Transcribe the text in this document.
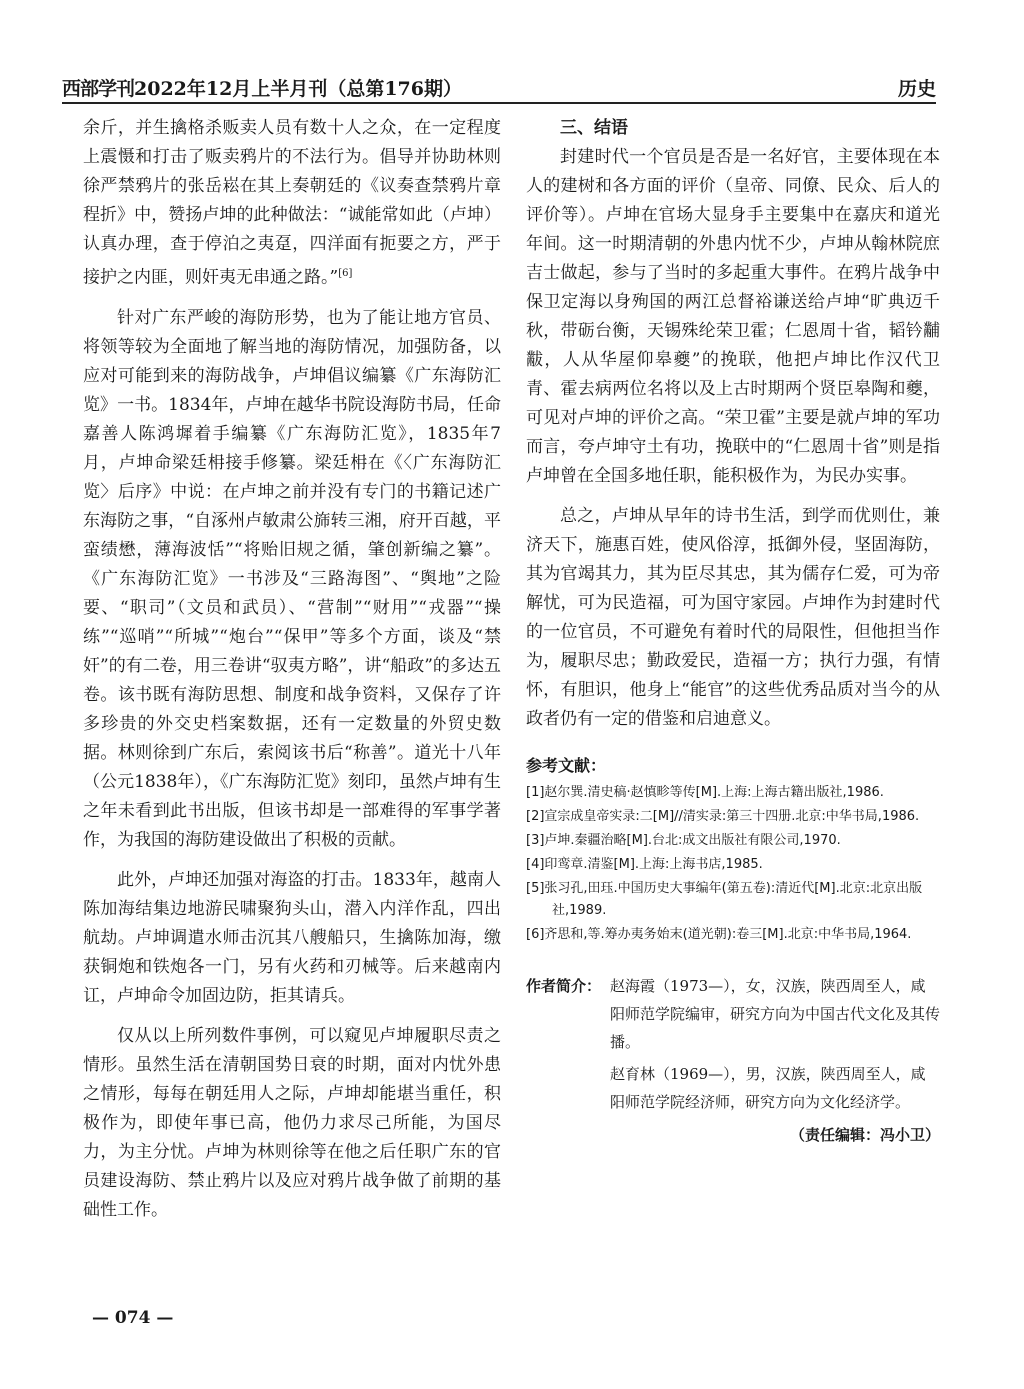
西部学刊2022年12月上半月刊（总第176期）	历史

余斤，并生擒格杀贩卖人员有数十人之众，在一定程度上震慑和打击了贩卖鸦片的不法行为。倡导并协助林则徐严禁鸦片的张岳崧在其上奏朝廷的《议奏查禁鸦片章程折》中，赞扬卢坤的此种做法：“诚能常如此（卢坤）认真办理，查于停泊之夷趸，四洋面有扼要之方，严于接护之内匪，则奸夷无串通之路。”[6]

针对广东严峻的海防形势，也为了能让地方官员、将领等较为全面地了解当地的海防情况，加强防备，以应对可能到来的海防战争，卢坤倡议编纂《广东海防汇览》一书。1834年，卢坤在越华书院设海防书局，任命嘉善人陈鸿墀着手编纂《广东海防汇览》，1835年7月，卢坤命梁廷枏接手修纂。梁廷枏在《〈广东海防汇览〉后序》中说：在卢坤之前并没有专门的书籍记述广东海防之事，“自涿州卢敏肃公旆转三湘，府开百越，平蛮绩懋，薄海波恬”“将贻旧规之循，肇创新编之纂”。《广东海防汇览》一书涉及“三路海图”、“舆地”之险要、“职司”（文员和武员）、“营制”“财用”“戎器”“操练”“巡哨”“所城”“炮台”“保甲”等多个方面，谈及“禁奸”的有二卷，用三卷讲“驭夷方略”，讲“船政”的多达五卷。该书既有海防思想、制度和战争资料，又保存了许多珍贵的外交史档案数据，还有一定数量的外贸史数据。林则徐到广东后，索阅该书后“称善”。道光十八年（公元1838年），《广东海防汇览》刻印，虽然卢坤有生之年未看到此书出版，但该书却是一部难得的军事学著作，为我国的海防建设做出了积极的贡献。

此外，卢坤还加强对海盗的打击。1833年，越南人陈加海结集边地游民啸聚狗头山，潜入内洋作乱，四出航劫。卢坤调遣水师击沉其八艘船只，生擒陈加海，缴获铜炮和铁炮各一门，另有火药和刃械等。后来越南内讧，卢坤命令加固边防，拒其请兵。

仅从以上所列数件事例，可以窥见卢坤履职尽责之情形。虽然生活在清朝国势日衰的时期，面对内忧外患之情形，每每在朝廷用人之际，卢坤却能堪当重任，积极作为，即使年事已高，他仍力求尽己所能，为国尽力，为主分忧。卢坤为林则徐等在他之后任职广东的官员建设海防、禁止鸦片以及应对鸦片战争做了前期的基础性工作。

三、结语

封建时代一个官员是否是一名好官，主要体现在本人的建树和各方面的评价（皇帝、同僚、民众、后人的评价等）。卢坤在官场大显身手主要集中在嘉庆和道光年间。这一时期清朝的外患内忧不少，卢坤从翰林院庶吉士做起，参与了当时的多起重大事件。在鸦片战争中保卫定海以身殉国的两江总督裕谦送给卢坤“旷典迈千秋，带砺台衡，天锡殊纶荣卫霍；仁恩周十省，韬钤黼黻，人从华屋仰皋夔”的挽联，他把卢坤比作汉代卫青、霍去病两位名将以及上古时期两个贤臣皋陶和夔，可见对卢坤的评价之高。“荣卫霍”主要是就卢坤的军功而言，夸卢坤守土有功，挽联中的“仁恩周十省”则是指卢坤曾在全国多地任职，能积极作为，为民办实事。

总之，卢坤从早年的诗书生活，到学而优则仕，兼济天下，施惠百姓，使风俗淳，抵御外侵，坚固海防，其为官竭其力，其为臣尽其忠，其为儒存仁爱，可为帝解忧，可为民造福，可为国守家园。卢坤作为封建时代的一位官员，不可避免有着时代的局限性，但他担当作为，履职尽忠；勤政爱民，造福一方；执行力强，有情怀，有胆识，他身上“能官”的这些优秀品质对当今的从政者仍有一定的借鉴和启迪意义。

参考文献：

[1]赵尔巽.清史稿·赵慎畛等传[M].上海:上海古籍出版社,1986.

[2]宣宗成皇帝实录:二[M]//清实录:第三十四册.北京:中华书局,1986.

[3]卢坤.秦疆治略[M].台北:成文出版社有限公司,1970.

[4]印鸾章.清鉴[M].上海:上海书店,1985.

[5]张习孔,田珏.中国历史大事编年(第五卷):清近代[M].北京:北京出版社,1989.

[6]齐思和,等.筹办夷务始末(道光朝):卷三[M].北京:中华书局,1964.

作者简介： 赵海霞（1973—），女，汉族，陕西周至人，咸阳师范学院编审，研究方向为中国古代文化及其传播。
赵育林（1969—），男，汉族，陕西周至人，咸阳师范学院经济师，研究方向为文化经济学。
（责任编辑：冯小卫）
— 074 —
